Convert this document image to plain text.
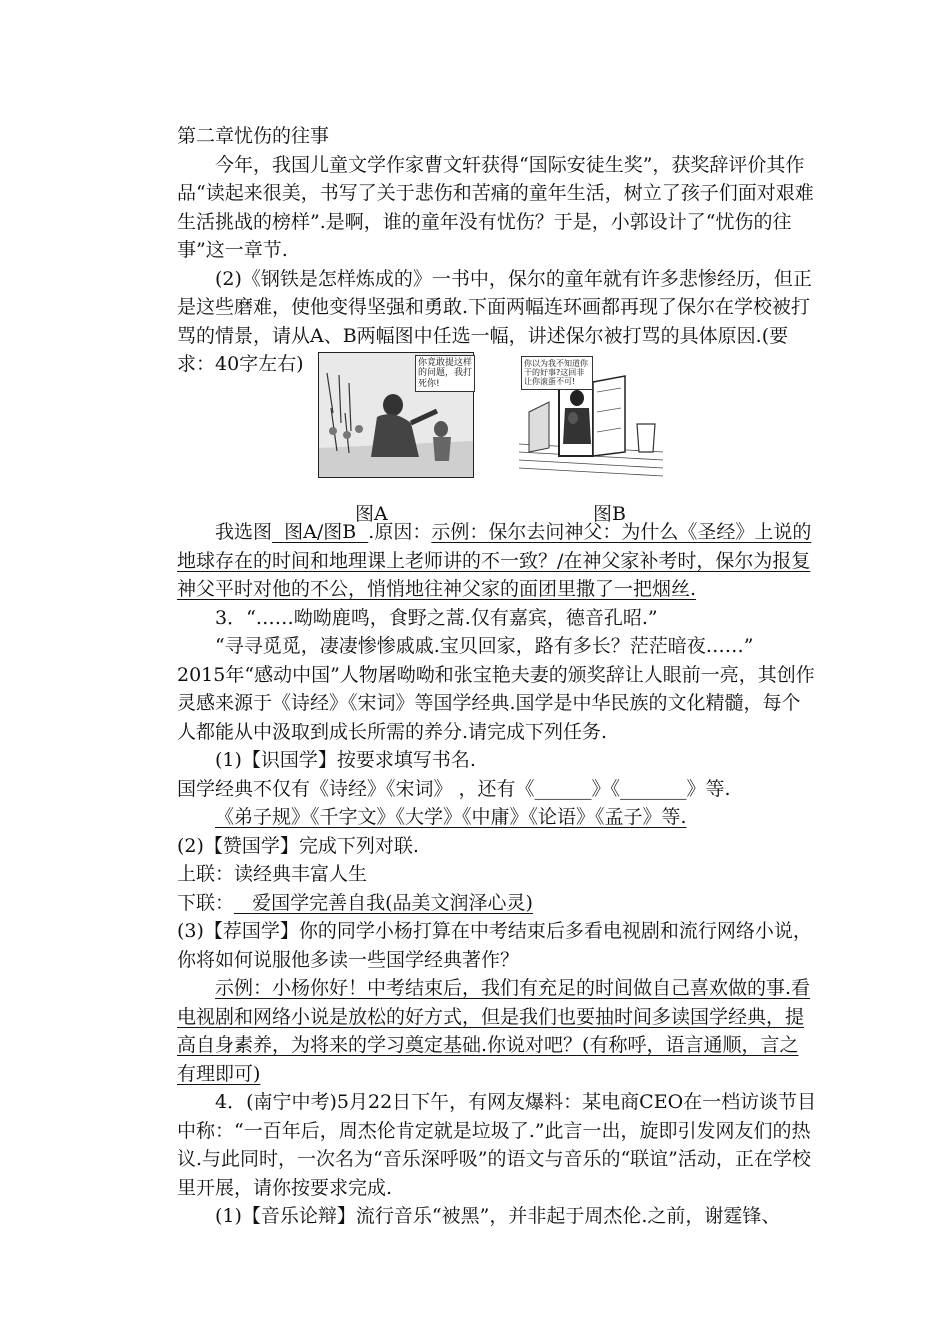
第二章忧伤的往事

今年，我国儿童文学作家曹文轩获得“国际安徒生奖”，获奖辞评价其作品“读起来很美，书写了关于悲伤和苦痛的童年生活，树立了孩子们面对艰难生活挑战的榜样”.是啊，谁的童年没有忧伤？于是，小郭设计了“忧伤的往事”这一章节.

(2)《钢铁是怎样炼成的》一书中，保尔的童年就有许多悲惨经历，但正是这些磨难，使他变得坚强和勇敢.下面两幅连环画都再现了保尔在学校被打骂的情景，请从A、B两幅图中任选一幅，讲述保尔被打骂的具体原因.(要求：40字左右)	你竟敢提这样的问题，我打死你!
你以为我不知道你干的好事?这回非让你滚蛋不可!
图A	图B

我选图 图A/图B .原因：示例：保尔去问神父：为什么《圣经》上说的地球存在的时间和地理课上老师讲的不一致？/在神父家补考时，保尔为报复神父平时对他的不公，悄悄地往神父家的面团里撒了一把烟丝.

3．“……呦呦鹿鸣，食野之蒿.仅有嘉宾，德音孔昭.”

“寻寻觅觅，凄凄惨惨戚戚.宝贝回家，路有多长？茫茫暗夜……”

2015年“感动中国”人物屠呦呦和张宝艳夫妻的颁奖辞让人眼前一亮，其创作灵感来源于《诗经》《宋词》等国学经典.国学是中华民族的文化精髓，每个人都能从中汲取到成长所需的养分.请完成下列任务.

(1)【识国学】按要求填写书名.

国学经典不仅有《诗经》《宋词》 ，还有《______》《_______》等.

《弟子规》《千字文》《大学》《中庸》《论语》《孟子》等.

(2)【赞国学】完成下列对联.

上联：读经典丰富人生

下联： 爱国学完善自我(品美文润泽心灵)

(3)【荐国学】你的同学小杨打算在中考结束后多看电视剧和流行网络小说，你将如何说服他多读一些国学经典著作？

示例：小杨你好！中考结束后，我们有充足的时间做自己喜欢做的事.看电视剧和网络小说是放松的好方式，但是我们也要抽时间多读国学经典，提高自身素养，为将来的学习奠定基础.你说对吧？(有称呼，语言通顺，言之有理即可)

4．(南宁中考)5月22日下午，有网友爆料：某电商CEO在一档访谈节目中称：“一百年后，周杰伦肯定就是垃圾了.”此言一出，旋即引发网友们的热议.与此同时，一次名为“音乐深呼吸”的语文与音乐的“联谊”活动，正在学校里开展，请你按要求完成.

(1)【音乐论辩】流行音乐“被黑”，并非起于周杰伦.之前，谢霆锋、
